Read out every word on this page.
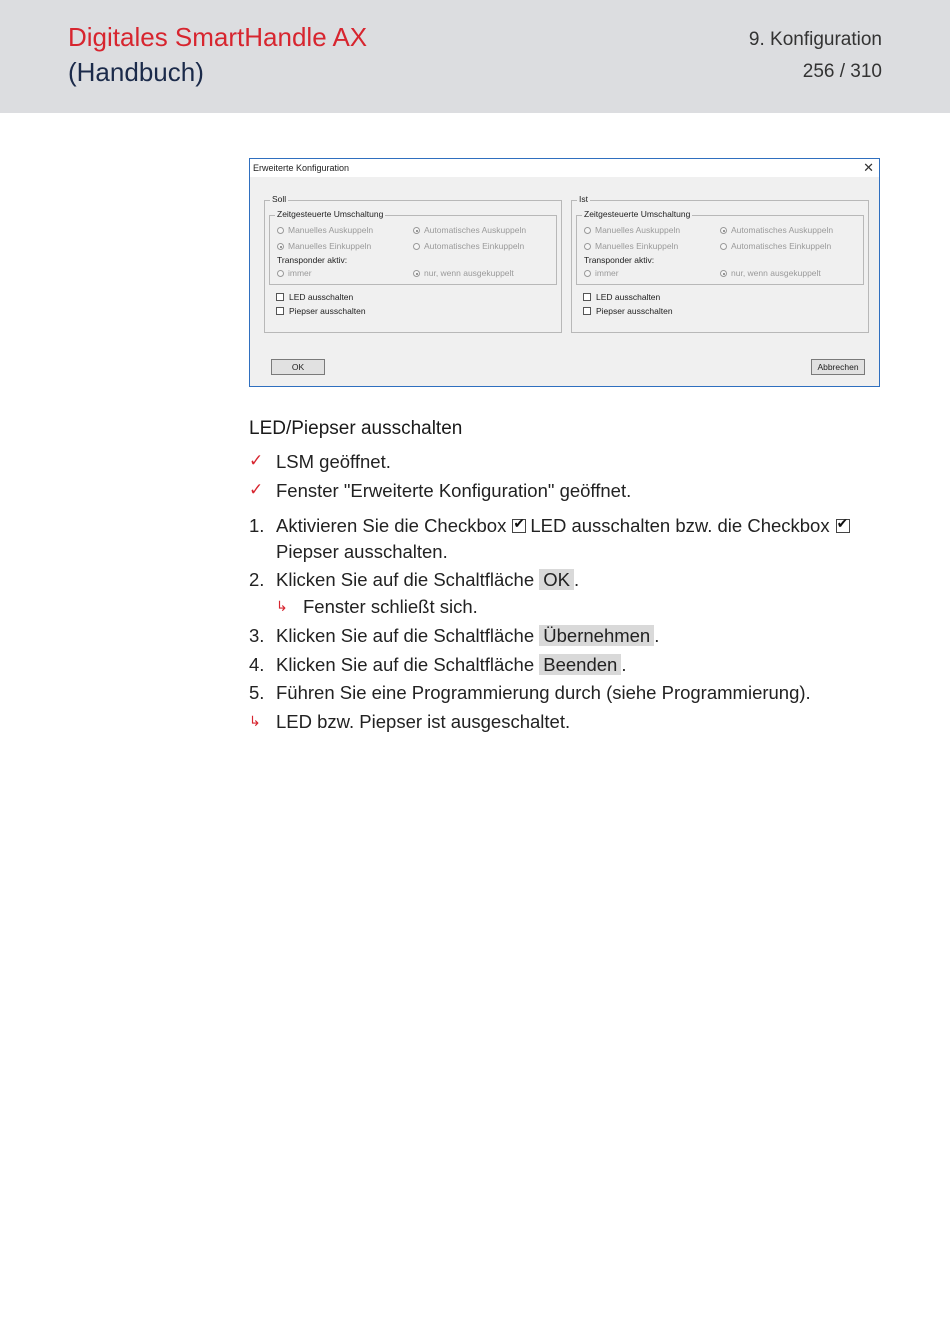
Digitales SmartHandle AX
(Handbuch)
9. Konfiguration
256 / 310
Erweiterte Konfiguration	✕
Soll
Zeitgesteuerte Umschaltung
Manuelles Auskuppeln	Automatisches Auskuppeln
Manuelles Einkuppeln	Automatisches Einkuppeln
Transponder aktiv:
immer	nur, wenn ausgekuppelt
LED ausschalten
Piepser ausschalten
Ist
Zeitgesteuerte Umschaltung
Manuelles Auskuppeln	Automatisches Auskuppeln
Manuelles Einkuppeln	Automatisches Einkuppeln
Transponder aktiv:
immer	nur, wenn ausgekuppelt
LED ausschalten
Piepser ausschalten
OK	Abbrechen
LED/Piepser ausschalten
✓ LSM geöffnet.
✓ Fenster "Erweiterte Konfiguration" geöffnet.
1. Aktivieren Sie die Checkbox✔ LED ausschalten bzw. die Checkbox✔
Piepser ausschalten.
2. Klicken Sie auf die Schaltfläche OK .
↳ Fenster schließt sich.
3. Klicken Sie auf die Schaltfläche Übernehmen .
4. Klicken Sie auf die Schaltfläche Beenden .
5. Führen Sie eine Programmierung durch (siehe Programmierung).
↳ LED bzw. Piepser ist ausgeschaltet.
